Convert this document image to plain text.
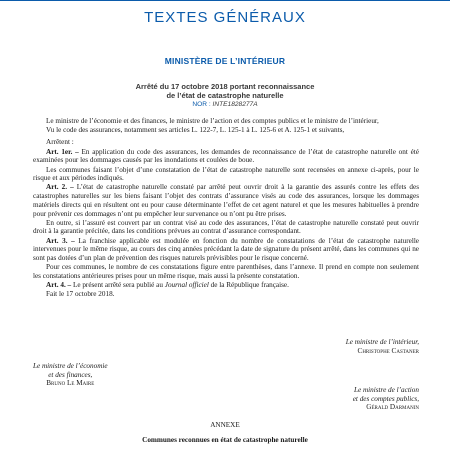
TEXTES GÉNÉRAUX
MINISTÈRE DE L’INTÉRIEUR
Arrêté du 17 octobre 2018 portant reconnaissance
de l’état de catastrophe naturelle
NOR : INTE1828277A

Le ministre de l’économie et des finances, le ministre de l’action et des comptes publics et le ministre de l’intérieur,

Vu le code des assurances, notamment ses articles L. 122-7, L. 125-1 à L. 125-6 et A. 125-1 et suivants,

Arrêtent :

Art. 1er. – En application du code des assurances, les demandes de reconnaissance de l’état de catastrophe naturelle ont été examinées pour les dommages causés par les inondations et coulées de boue.

Les communes faisant l’objet d’une constatation de l’état de catastrophe naturelle sont recensées en annexe ci-après, pour le risque et aux périodes indiqués.

Art. 2. – L’état de catastrophe naturelle constaté par arrêté peut ouvrir droit à la garantie des assurés contre les effets des catastrophes naturelles sur les biens faisant l’objet des contrats d’assurance visés au code des assurances, lorsque les dommages matériels directs qui en résultent ont eu pour cause déterminante l’effet de cet agent naturel et que les mesures habituelles à prendre pour prévenir ces dommages n’ont pu empêcher leur survenance ou n’ont pu être prises.

En outre, si l’assuré est couvert par un contrat visé au code des assurances, l’état de catastrophe naturelle constaté peut ouvrir droit à la garantie précitée, dans les conditions prévues au contrat d’assurance correspondant.

Art. 3. – La franchise applicable est modulée en fonction du nombre de constatations de l’état de catastrophe naturelle intervenues pour le même risque, au cours des cinq années précédant la date de signature du présent arrêté, dans les communes qui ne sont pas dotées d’un plan de prévention des risques naturels prévisibles pour le risque concerné.

Pour ces communes, le nombre de ces constatations figure entre parenthèses, dans l’annexe. Il prend en compte non seulement les constatations antérieures prises pour un même risque, mais aussi la présente constatation.

Art. 4. – Le présent arrêté sera publié au Journal officiel de la République française.

Fait le 17 octobre 2018.

Le ministre de l’intérieur,
Christophe Castaner
Le ministre de l’économie
et des finances,
Bruno Le Maire
Le ministre de l’action
et des comptes publics,
Gérald Darmanin
ANNEXE
Communes reconnues en état de catastrophe naturelle
